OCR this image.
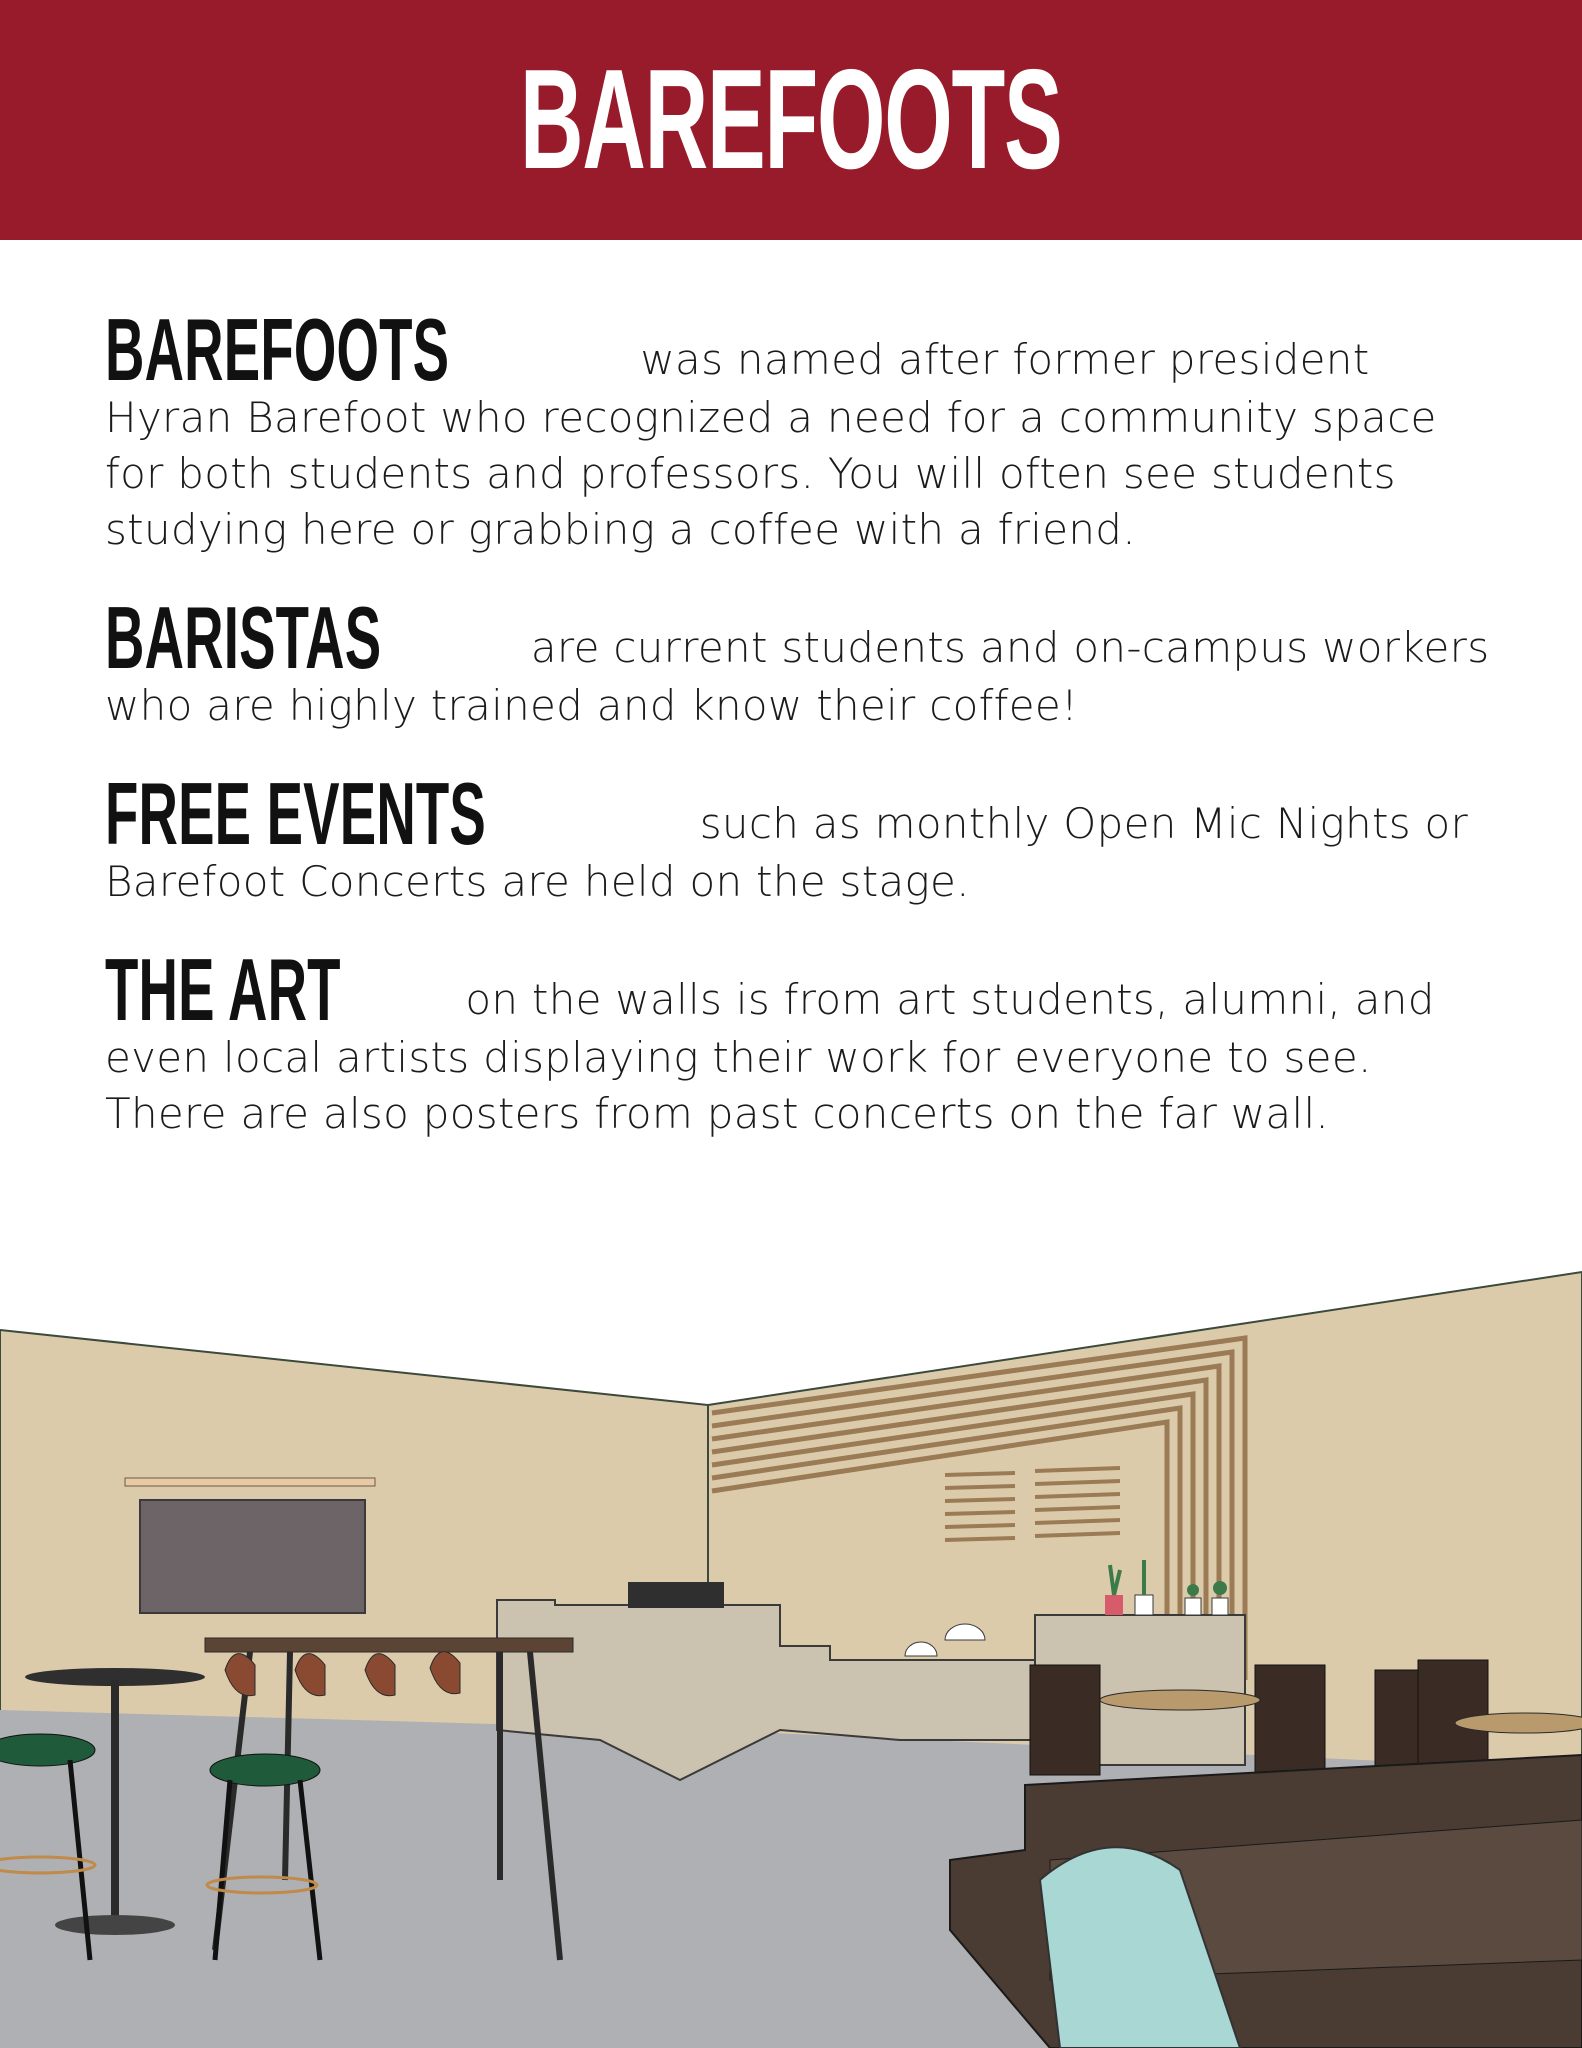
BAREFOOTS

BAREFOOTS	was named after former president Hyran Barefoot who recognized a need for a community space for both students and professors. You will often see students studying here or grabbing a coffee with a friend.

BARISTAS	are current students and on-campus workers who are highly trained and know their coffee!

FREE EVENTS	such as monthly Open Mic Nights or Barefoot Concerts are held on the stage.

THE ART	on the walls is from art students, alumni, and even local artists displaying their work for everyone to see. There are also posters from past concerts on the far wall.
